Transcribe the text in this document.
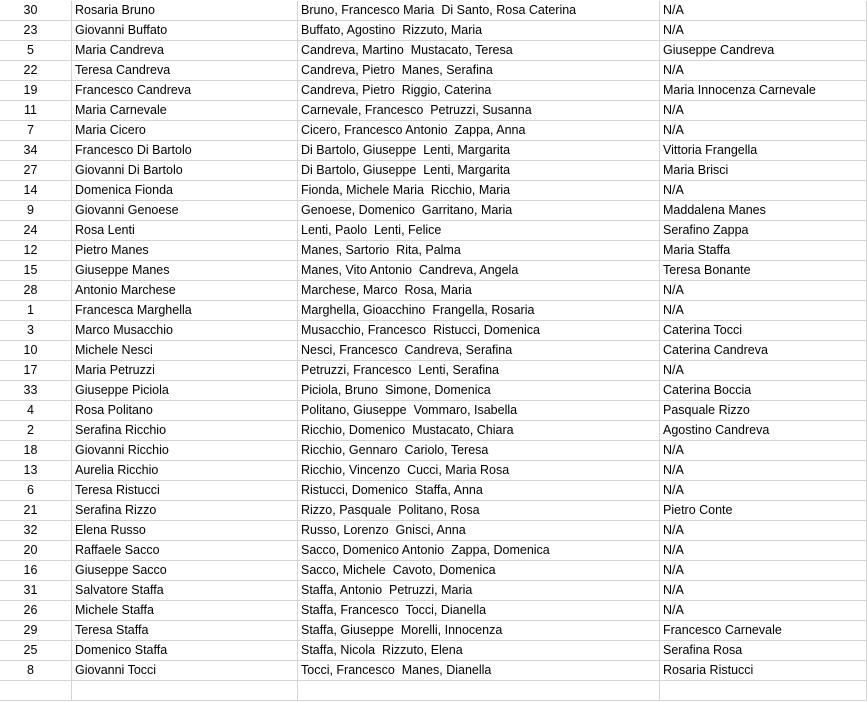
30	Rosaria Bruno	Bruno, Francesco Maria  Di Santo, Rosa Caterina	N/A
23	Giovanni Buffato	Buffato, Agostino  Rizzuto, Maria	N/A
5	Maria Candreva	Candreva, Martino  Mustacato, Teresa	Giuseppe Candreva
22	Teresa Candreva	Candreva, Pietro  Manes, Serafina	N/A
19	Francesco Candreva	Candreva, Pietro  Riggio, Caterina	Maria Innocenza Carnevale
11	Maria Carnevale	Carnevale, Francesco  Petruzzi, Susanna	N/A
7	Maria Cicero	Cicero, Francesco Antonio  Zappa, Anna	N/A
34	Francesco Di Bartolo	Di Bartolo, Giuseppe  Lenti, Margarita	Vittoria Frangella
27	Giovanni Di Bartolo	Di Bartolo, Giuseppe  Lenti, Margarita	Maria Brisci
14	Domenica Fionda	Fionda, Michele Maria  Ricchio, Maria	N/A
9	Giovanni Genoese	Genoese, Domenico  Garritano, Maria	Maddalena Manes
24	Rosa Lenti	Lenti, Paolo  Lenti, Felice	Serafino Zappa
12	Pietro Manes	Manes, Sartorio  Rita, Palma	Maria Staffa
15	Giuseppe Manes	Manes, Vito Antonio  Candreva, Angela	Teresa Bonante
28	Antonio Marchese	Marchese, Marco  Rosa, Maria	N/A
1	Francesca Marghella	Marghella, Gioacchino  Frangella, Rosaria	N/A
3	Marco Musacchio	Musacchio, Francesco  Ristucci, Domenica	Caterina Tocci
10	Michele Nesci	Nesci, Francesco  Candreva, Serafina	Caterina Candreva
17	Maria Petruzzi	Petruzzi, Francesco  Lenti, Serafina	N/A
33	Giuseppe Piciola	Piciola, Bruno  Simone, Domenica	Caterina Boccia
4	Rosa Politano	Politano, Giuseppe  Vommaro, Isabella	Pasquale Rizzo
2	Serafina Ricchio	Ricchio, Domenico  Mustacato, Chiara	Agostino Candreva
18	Giovanni Ricchio	Ricchio, Gennaro  Cariolo, Teresa	N/A
13	Aurelia Ricchio	Ricchio, Vincenzo  Cucci, Maria Rosa	N/A
6	Teresa Ristucci	Ristucci, Domenico  Staffa, Anna	N/A
21	Serafina Rizzo	Rizzo, Pasquale  Politano, Rosa	Pietro Conte
32	Elena Russo	Russo, Lorenzo  Gnisci, Anna	N/A
20	Raffaele Sacco	Sacco, Domenico Antonio  Zappa, Domenica	N/A
16	Giuseppe Sacco	Sacco, Michele  Cavoto, Domenica	N/A
31	Salvatore Staffa	Staffa, Antonio  Petruzzi, Maria	N/A
26	Michele Staffa	Staffa, Francesco  Tocci, Dianella	N/A
29	Teresa Staffa	Staffa, Giuseppe  Morelli, Innocenza	Francesco Carnevale
25	Domenico Staffa	Staffa, Nicola  Rizzuto, Elena	Serafina Rosa
8	Giovanni Tocci	Tocci, Francesco  Manes, Dianella	Rosaria Ristucci
